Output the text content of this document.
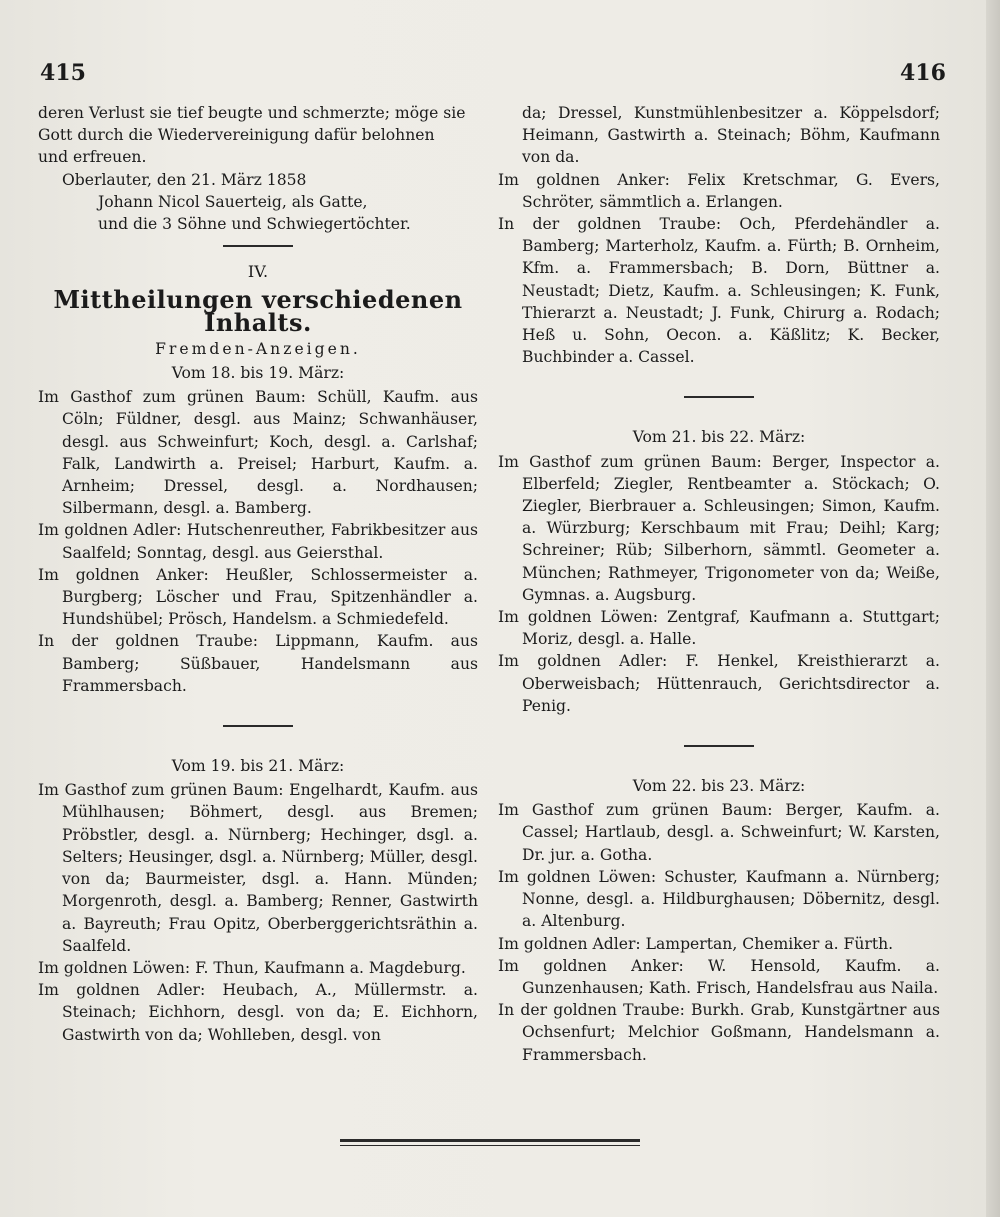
415	416

deren Verlust sie tief beugte und schmerzte; möge sie

Gott durch die Wiedervereinigung dafür belohnen

und erfreuen.

Oberlauter, den 21. März 1858

Johann Nicol Sauerteig, als Gatte,

und die 3 Söhne und Schwiegertöchter.

IV.

Mittheilungen verschiedenen Inhalts.

Fremden-Anzeigen.

Vom 18. bis 19. März:

Im Gasthof zum grünen Baum: Schüll, Kaufm. aus Cöln; Füldner, desgl. aus Mainz; Schwanhäuser, desgl. aus Schweinfurt; Koch, desgl. a. Carlshaf; Falk, Landwirth a. Preisel; Harburt, Kaufm. a. Arnheim; Dressel, desgl. a. Nordhausen; Silbermann, desgl. a. Bamberg.

Im goldnen Adler: Hutschenreuther, Fabrikbesitzer aus Saalfeld; Sonntag, desgl. aus Geiersthal.

Im goldnen Anker: Heußler, Schlossermeister a. Burgberg; Löscher und Frau, Spitzenhändler a. Hundshübel; Prösch, Handelsm. a Schmiedefeld.

In der goldnen Traube: Lippmann, Kaufm. aus Bamberg; Süßbauer, Handelsmann aus Frammersbach.

Vom 19. bis 21. März:

Im Gasthof zum grünen Baum: Engelhardt, Kaufm. aus Mühlhausen; Böhmert, desgl. aus Bremen; Pröbstler, desgl. a. Nürnberg; Hechinger, dsgl. a. Selters; Heusinger, dsgl. a. Nürnberg; Müller, desgl. von da; Baurmeister, dsgl. a. Hann. Münden; Morgenroth, desgl. a. Bamberg; Renner, Gastwirth a. Bayreuth; Frau Opitz, Oberberggerichtsräthin a. Saalfeld.

Im goldnen Löwen: F. Thun, Kaufmann a. Magdeburg.

Im goldnen Adler: Heubach, A., Müllermstr. a. Steinach; Eichhorn, desgl. von da; E. Eichhorn, Gastwirth von da; Wohlleben, desgl. von

da; Dressel, Kunstmühlenbesitzer a. Köppelsdorf; Heimann, Gastwirth a. Steinach; Böhm, Kaufmann von da.

Im goldnen Anker: Felix Kretschmar, G. Evers, Schröter, sämmtlich a. Erlangen.

In der goldnen Traube: Och, Pferdehändler a. Bamberg; Marterholz, Kaufm. a. Fürth; B. Ornheim, Kfm. a. Frammersbach; B. Dorn, Büttner a. Neustadt; Dietz, Kaufm. a. Schleusingen; K. Funk, Thierarzt a. Neustadt; J. Funk, Chirurg a. Rodach; Heß u. Sohn, Oecon. a. Käßlitz; K. Becker, Buchbinder a. Cassel.

Vom 21. bis 22. März:

Im Gasthof zum grünen Baum: Berger, Inspector a. Elberfeld; Ziegler, Rentbeamter a. Stöckach; O. Ziegler, Bierbrauer a. Schleusingen; Simon, Kaufm. a. Würzburg; Kerschbaum mit Frau; Deihl; Karg; Schreiner; Rüb; Silberhorn, sämmtl. Geometer a. München; Rathmeyer, Trigonometer von da; Weiße, Gymnas. a. Augsburg.

Im goldnen Löwen: Zentgraf, Kaufmann a. Stuttgart; Moriz, desgl. a. Halle.

Im goldnen Adler: F. Henkel, Kreisthierarzt a. Oberweisbach; Hüttenrauch, Gerichtsdirector a. Penig.

Vom 22. bis 23. März:

Im Gasthof zum grünen Baum: Berger, Kaufm. a. Cassel; Hartlaub, desgl. a. Schweinfurt; W. Karsten, Dr. jur. a. Gotha.

Im goldnen Löwen: Schuster, Kaufmann a. Nürnberg; Nonne, desgl. a. Hildburghausen; Döbernitz, desgl. a. Altenburg.

Im goldnen Adler: Lampertan, Chemiker a. Fürth.

Im goldnen Anker: W. Hensold, Kaufm. a. Gunzenhausen; Kath. Frisch, Handelsfrau aus Naila.

In der goldnen Traube: Burkh. Grab, Kunstgärtner aus Ochsenfurt; Melchior Goßmann, Handelsmann a. Frammersbach.
